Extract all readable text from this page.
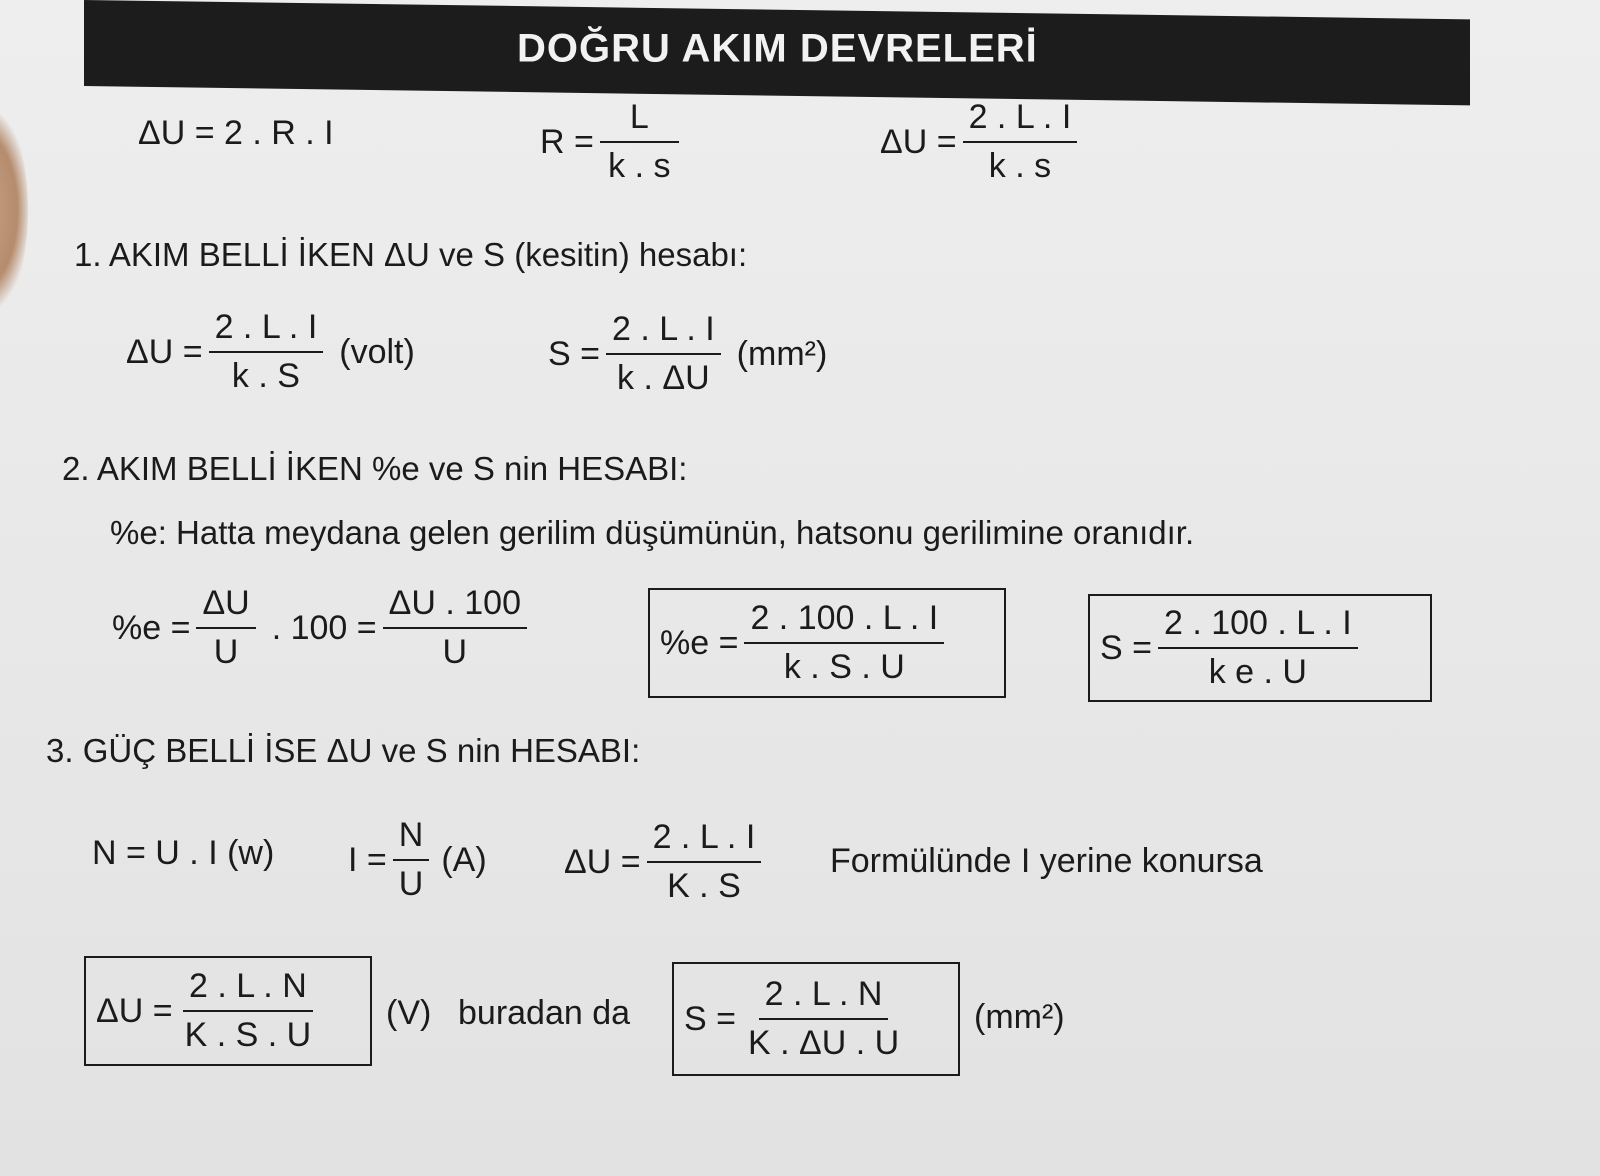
DOĞRU AKIM DEVRELERİ
ΔU = 2 . R . I	$R = \frac{L}{k . s}$	$\Delta U = \frac{2 . L . I}{k . s}$
1. AKIM BELLİ İKEN ΔU ve S (kesitin) hesabı:
$\Delta U = \frac{2 . L . I}{k . S}$ (volt)	$S = \frac{2 . L . I}{k . \Delta U} (mm^2)$
2. AKIM BELLİ İKEN %e ve S nin HESABI:
%e: Hatta meydana gelen gerilim düşümünün, hatsonu gerilimine oranıdır.
$\%e = \frac{\Delta U}{U}$ . $100 = \frac{\Delta U . 100}{U}$	$\%e = \frac{2 . 100 . L . I}{k . S . U}$	$S = \frac{2 . 100 . L . I}{\text{k e . U}}$
3. GÜÇ BELLİ İSE ΔU ve S nin HESABI:
N = U . I (w) $I = \frac{N}{U} (A) \Delta U = \frac{2 . L . I}{K . S}$ Formülünde I yerine konursa
$\Delta U = \frac{2 . L . N}{K . S . U} (V)$ buradan da $S = \frac{2 . L . N}{K . \Delta U . U} (mm^2)$
